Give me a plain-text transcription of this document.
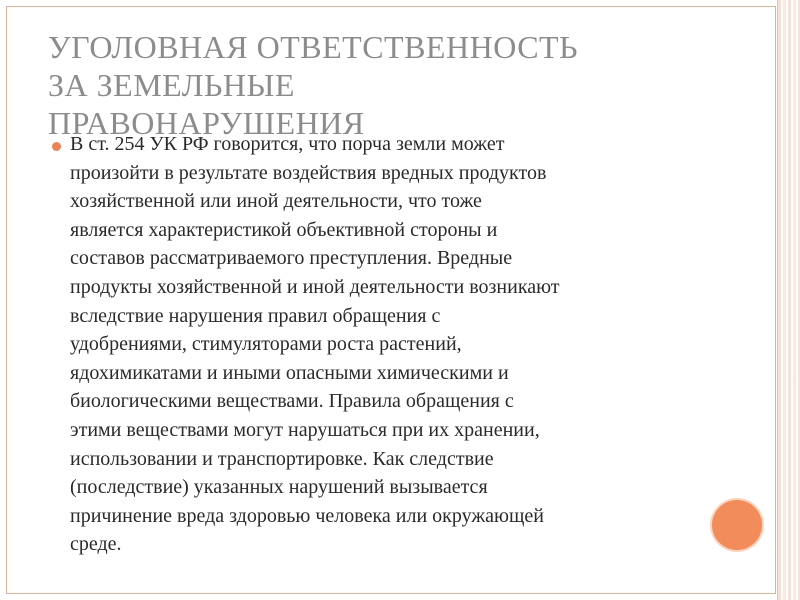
УГОЛОВНАЯ ОТВЕТСТВЕННОСТЬ
ЗА ЗЕМЕЛЬНЫЕ
ПРАВОНАРУШЕНИЯ

В ст. 254 УК РФ говорится, что порча земли может
произойти в результате воздействия вредных продуктов
хозяйственной или иной деятельности, что тоже
является характеристикой объективной стороны и
составов рассматриваемого преступления. Вредные
продукты хозяйственной и иной деятельности возникают
вследствие нарушения правил обращения с
удобрениями, стимуляторами роста растений,
ядохимикатами и иными опасными химическими и
биологическими веществами. Правила обращения с
этими веществами могут нарушаться при их хранении,
использовании и транспортировке. Как следствие
(последствие) указанных нарушений вызывается
причинение вреда здоровью человека или окружающей
среде.
